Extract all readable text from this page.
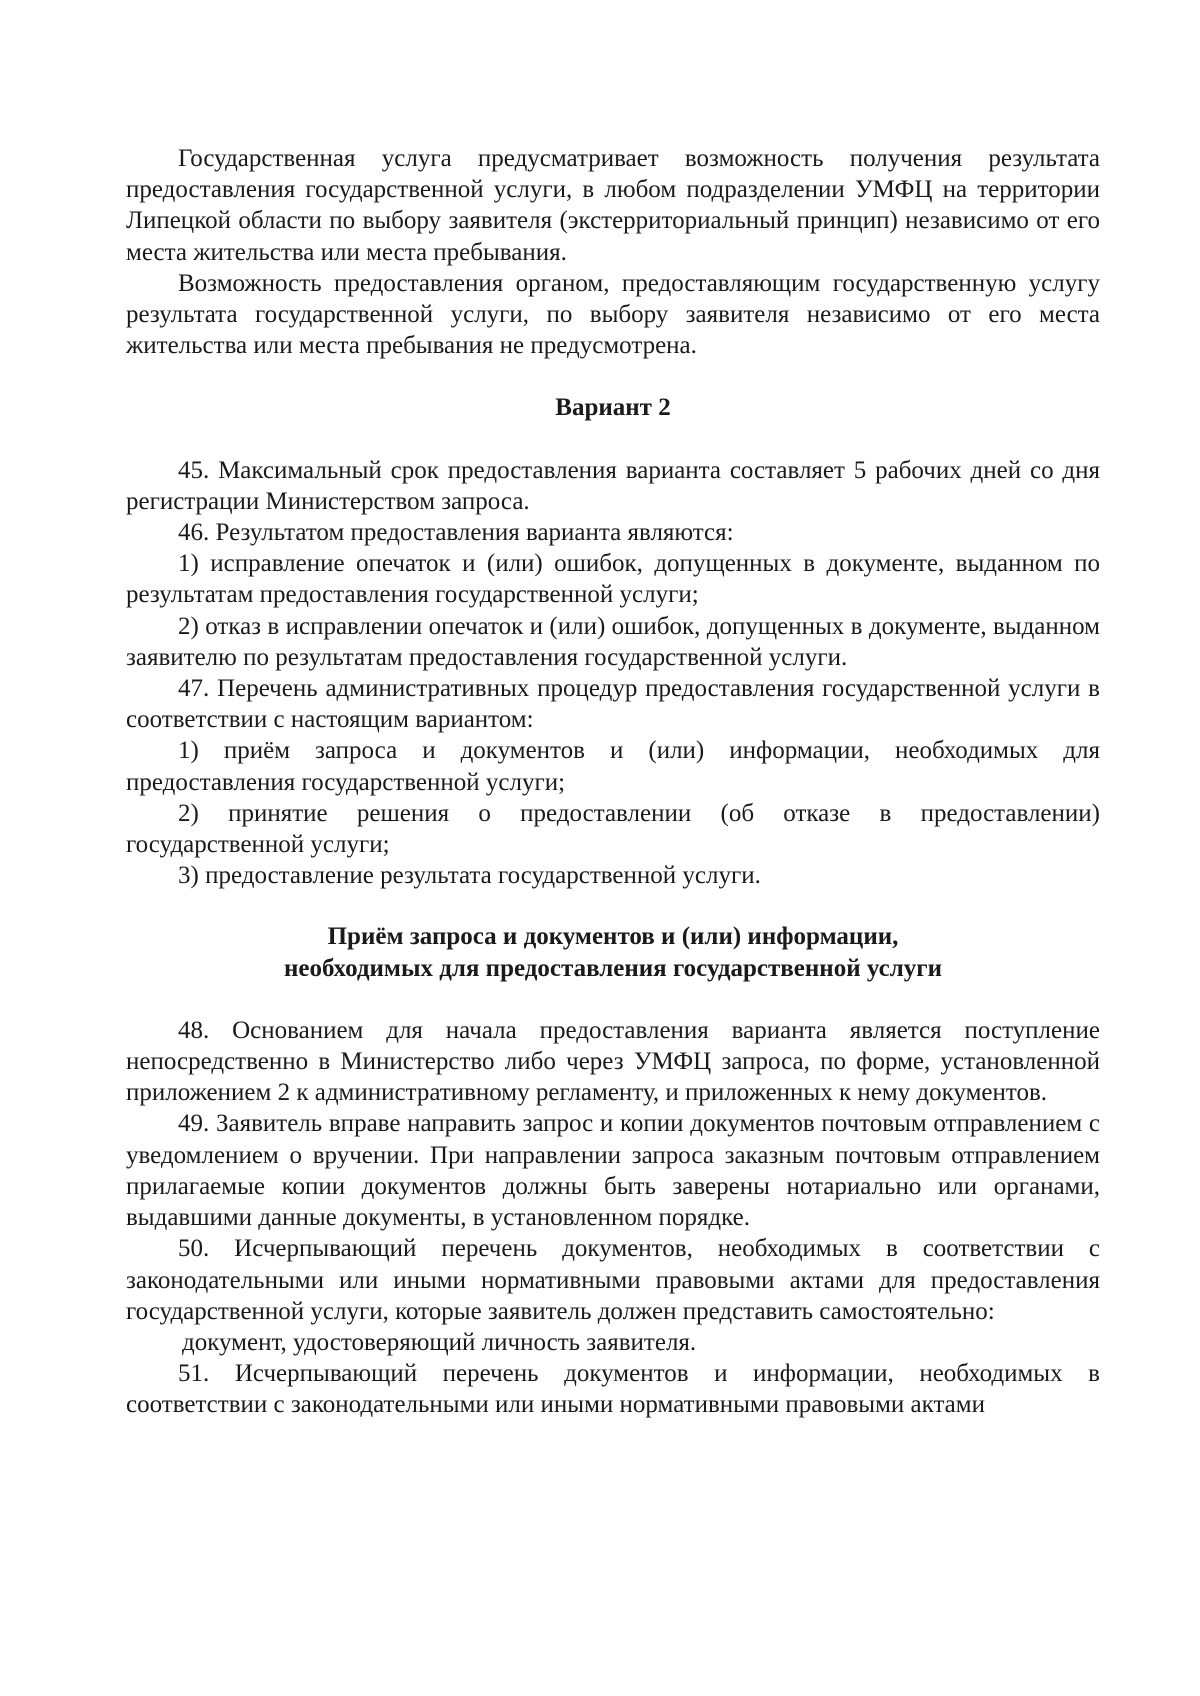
Государственная услуга предусматривает возможность получения результата предоставления государственной услуги, в любом подразделении УМФЦ на территории Липецкой области по выбору заявителя (экстерриториальный принцип) независимо от его места жительства или места пребывания.

Возможность предоставления органом, предоставляющим государственную услугу результата государственной услуги, по выбору заявителя независимо от его места жительства или места пребывания не предусмотрена.

Вариант 2

45. Максимальный срок предоставления варианта составляет 5 рабочих дней со дня регистрации Министерством запроса.

46. Результатом предоставления варианта являются:

1) исправление опечаток и (или) ошибок, допущенных в документе, выданном по результатам предоставления государственной услуги;

2) отказ в исправлении опечаток и (или) ошибок, допущенных в документе, выданном заявителю по результатам предоставления государственной услуги.

47. Перечень административных процедур предоставления государственной услуги в соответствии с настоящим вариантом:

1) приём запроса и документов и (или) информации, необходимых для предоставления государственной услуги;

2) принятие решения о предоставлении (об отказе в предоставлении) государственной услуги;

3) предоставление результата государственной услуги.

Приём запроса и документов и (или) информации,
необходимых для предоставления государственной услуги

48. Основанием для начала предоставления варианта является поступление непосредственно в Министерство либо через УМФЦ запроса, по форме, установленной приложением 2 к административному регламенту, и приложенных к нему документов.

49. Заявитель вправе направить запрос и копии документов почтовым отправлением с уведомлением о вручении. При направлении запроса заказным почтовым отправлением прилагаемые копии документов должны быть заверены нотариально или органами, выдавшими данные документы, в установленном порядке.

50. Исчерпывающий перечень документов, необходимых в соответствии с законодательными или иными нормативными правовыми актами для предоставления государственной услуги, которые заявитель должен представить самостоятельно:

документ, удостоверяющий личность заявителя.

51. Исчерпывающий перечень документов и информации, необходимых в соответствии с законодательными или иными нормативными правовыми актами
